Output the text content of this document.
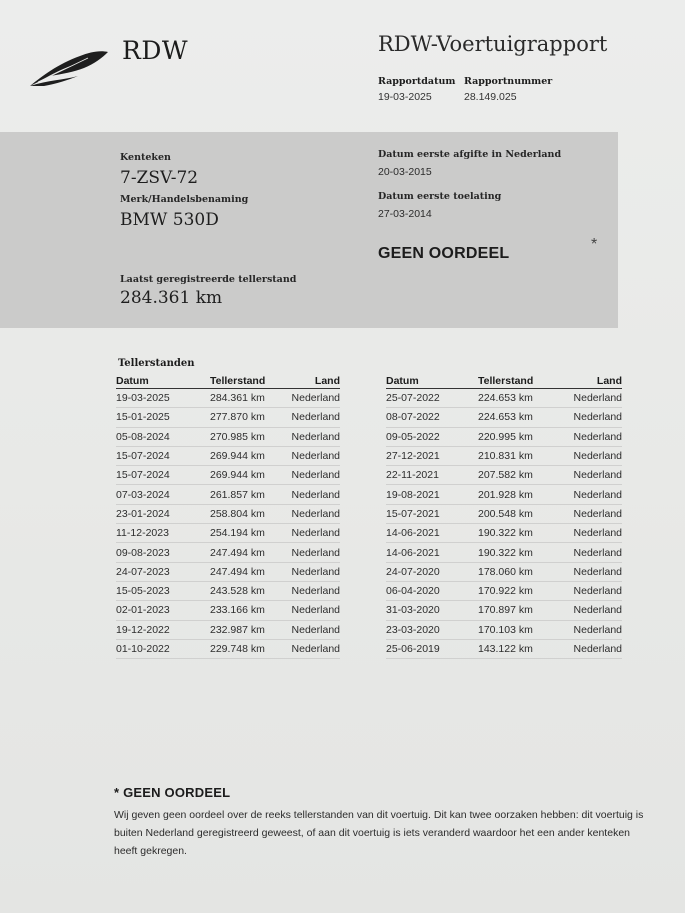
RDW	RDW-Voertuigrapport
Rapportdatum
19-03-2025
Rapportnummer
28.149.025
Kenteken
7-ZSV-72
Merk/Handelsbenaming
BMW 530D
Laatst geregistreerde tellerstand
284.361 km
Datum eerste afgifte in Nederland
20-03-2015
Datum eerste toelating
27-03-2014
GEEN OORDEEL
*
Tellerstanden
Datum	Tellerstand	Land
19-03-2025	284.361 km	Nederland
15-01-2025	277.870 km	Nederland
05-08-2024	270.985 km	Nederland
15-07-2024	269.944 km	Nederland
15-07-2024	269.944 km	Nederland
07-03-2024	261.857 km	Nederland
23-01-2024	258.804 km	Nederland
11-12-2023	254.194 km	Nederland
09-08-2023	247.494 km	Nederland
24-07-2023	247.494 km	Nederland
15-05-2023	243.528 km	Nederland
02-01-2023	233.166 km	Nederland
19-12-2022	232.987 km	Nederland
01-10-2022	229.748 km	Nederland
Datum	Tellerstand	Land
25-07-2022	224.653 km	Nederland
08-07-2022	224.653 km	Nederland
09-05-2022	220.995 km	Nederland
27-12-2021	210.831 km	Nederland
22-11-2021	207.582 km	Nederland
19-08-2021	201.928 km	Nederland
15-07-2021	200.548 km	Nederland
14-06-2021	190.322 km	Nederland
14-06-2021	190.322 km	Nederland
24-07-2020	178.060 km	Nederland
06-04-2020	170.922 km	Nederland
31-03-2020	170.897 km	Nederland
23-03-2020	170.103 km	Nederland
25-06-2019	143.122 km	Nederland
* GEEN OORDEEL
Wij geven geen oordeel over de reeks tellerstanden van dit voertuig. Dit kan twee oorzaken hebben: dit voertuig is buiten Nederland geregistreerd geweest, of aan dit voertuig is iets veranderd waardoor het een ander kenteken heeft gekregen.
